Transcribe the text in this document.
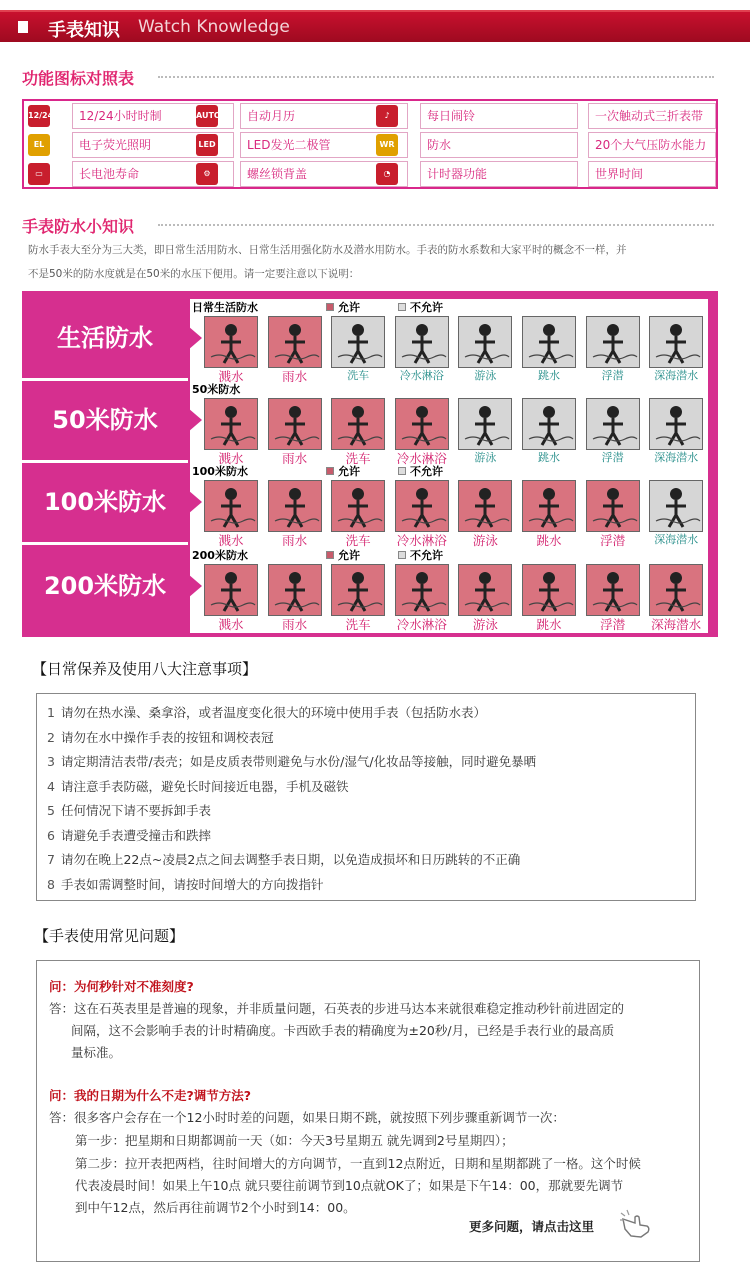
手表知识 Watch Knowledge
功能图标对照表
12/24	12/24小时时制	AUTO	自动月历	♪	每日闹铃	一次触动式三折表带
EL	电子荧光照明	LED	LED发光二极管	WR	防水	20个大气压防水能力
▭	长电池寿命	⚙	螺丝锁背盖	◔	计时器功能	世界时间
手表防水小知识
防水手表大至分为三大类，即日常生活用防水、日常生活用强化防水及潜水用防水。手表的防水系数和大家平时的概念不一样，并
不是50米的防水度就是在50米的水压下便用。请一定要注意以下说明：
日常生活防水	允许	不允许
溅水	雨水	洗车	冷水淋浴	游泳	跳水	浮潜	深海潜水
50米防水
溅水	雨水	洗车	冷水淋浴	游泳	跳水	浮潜	深海潜水
100米防水	允许	不允许
溅水	雨水	洗车	冷水淋浴	游泳	跳水	浮潜	深海潜水
200米防水	允许	不允许
溅水	雨水	洗车	冷水淋浴	游泳	跳水	浮潜	深海潜水
生活防水
50米防水
100米防水
200米防水
【日常保养及使用八大注意事项】
1 请勿在热水澡、桑拿浴，或者温度变化很大的环境中使用手表（包括防水表）
2 请勿在水中操作手表的按钮和调校表冠
3 请定期清洁表带/表壳；如是皮质表带则避免与水份/湿气/化妆品等接触，同时避免暴晒
4 请注意手表防磁，避免长时间接近电器，手机及磁铁
5 任何情况下请不要拆卸手表
6 请避免手表遭受撞击和跌摔
7 请勿在晚上22点~凌晨2点之间去调整手表日期，以免造成损坏和日历跳转的不正确
8 手表如需调整时间，请按时间增大的方向拨指针
【手表使用常见问题】
问：为何秒针对不准刻度?
答：这在石英表里是普遍的现象，并非质量问题，石英表的步进马达本来就很难稳定推动秒针前进固定的
间隔，这不会影响手表的计时精确度。卡西欧手表的精确度为±20秒/月，已经是手表行业的最高质
量标准。
问：我的日期为什么不走?调节方法?
答：很多客户会存在一个12小时时差的问题，如果日期不跳，就按照下列步骤重新调节一次：
第一步：把星期和日期都调前一天（如：今天3号星期五 就先调到2号星期四）；
第二步：拉开表把两档，往时间增大的方向调节，一直到12点附近，日期和星期都跳了一格。这个时候
代表凌晨时间！如果上午10点 就只要往前调节到10点就OK了；如果是下午14：00，那就要先调节
到中午12点，然后再往前调节2个小时到14：00。
更多问题，请点击这里
